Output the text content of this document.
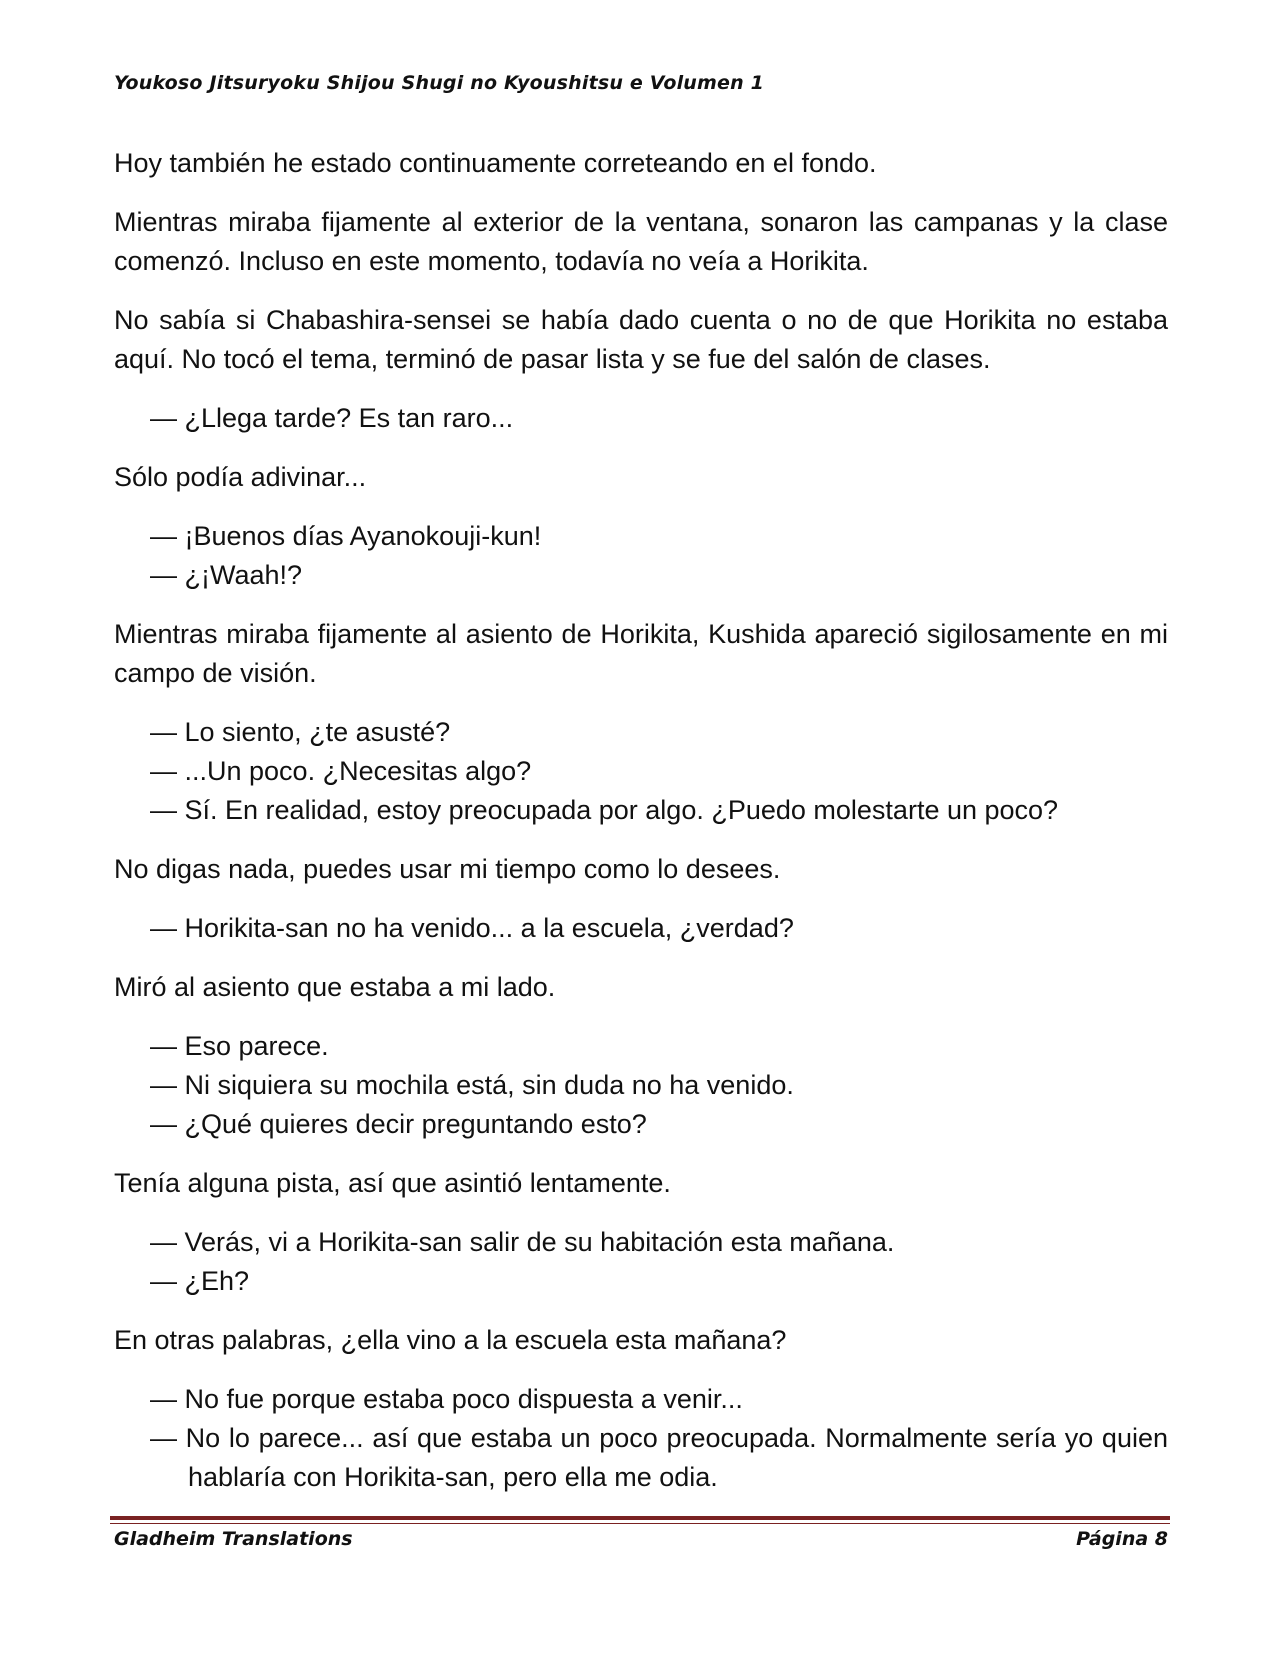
Youkoso Jitsuryoku Shijou Shugi no Kyoushitsu e Volumen 1

Hoy también he estado continuamente correteando en el fondo.

Mientras miraba fijamente al exterior de la ventana, sonaron las campanas y la clase comenzó. Incluso en este momento, todavía no veía a Horikita.

No sabía si Chabashira-sensei se había dado cuenta o no de que Horikita no estaba aquí. No tocó el tema, terminó de pasar lista y se fue del salón de clases.

— ¿Llega tarde? Es tan raro...

Sólo podía adivinar...

— ¡Buenos días Ayanokouji-kun!

— ¿¡Waah!?

Mientras miraba fijamente al asiento de Horikita, Kushida apareció sigilosamente en mi campo de visión.

— Lo siento, ¿te asusté?

— ...Un poco. ¿Necesitas algo?

— Sí. En realidad, estoy preocupada por algo. ¿Puedo molestarte un poco?

No digas nada, puedes usar mi tiempo como lo desees.

— Horikita-san no ha venido... a la escuela, ¿verdad?

Miró al asiento que estaba a mi lado.

— Eso parece.

— Ni siquiera su mochila está, sin duda no ha venido.

— ¿Qué quieres decir preguntando esto?

Tenía alguna pista, así que asintió lentamente.

— Verás, vi a Horikita-san salir de su habitación esta mañana.

— ¿Eh?

En otras palabras, ¿ella vino a la escuela esta mañana?

— No fue porque estaba poco dispuesta a venir...

— No lo parece... así que estaba un poco preocupada. Normalmente sería yo quien hablaría con Horikita-san, pero ella me odia.

Gladheim Translations	Página 8
